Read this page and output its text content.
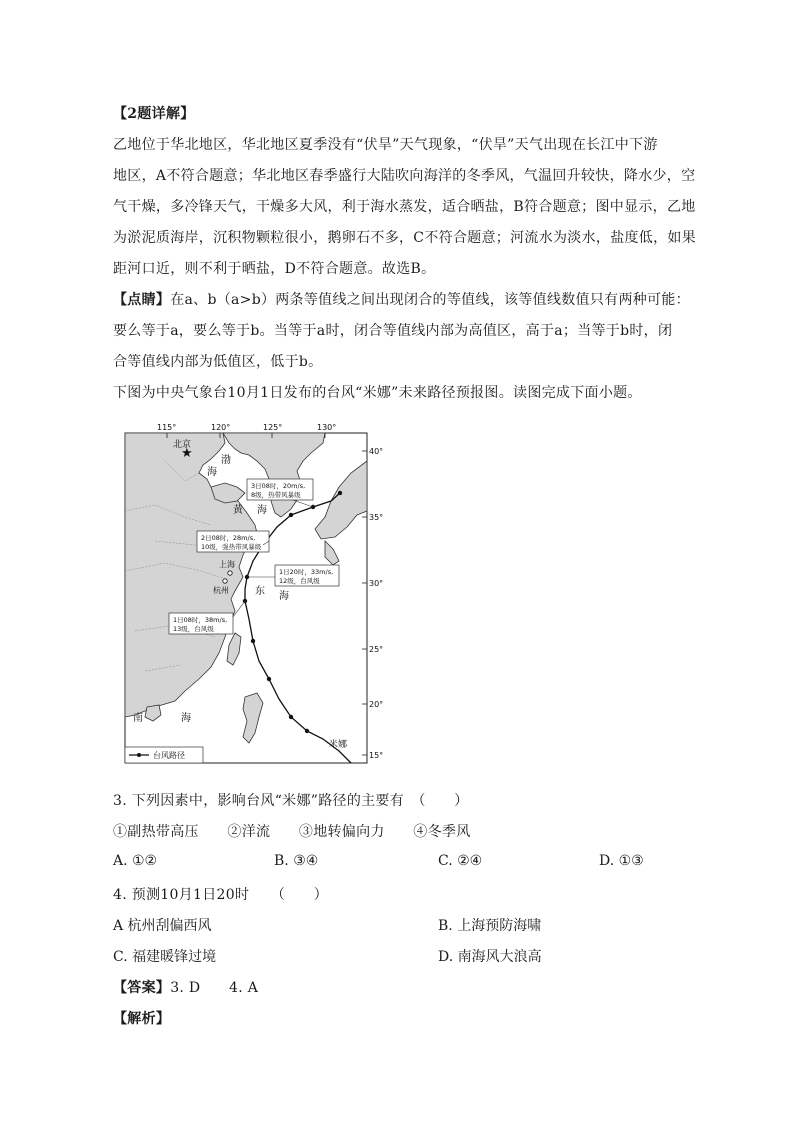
【2题详解】
乙地位于华北地区，华北地区夏季没有“伏旱”天气现象，“伏旱”天气出现在长江中下游
地区，A不符合题意；华北地区春季盛行大陆吹向海洋的冬季风，气温回升较快，降水少，空
气干燥，多冷锋天气，干燥多大风，利于海水蒸发，适合晒盐，B符合题意；图中显示，乙地
为淤泥质海岸，沉积物颗粒很小，鹅卵石不多，C不符合题意；河流水为淡水，盐度低，如果
距河口近，则不利于晒盐，D不符合题意。故选B。
【点睛】在a、b（a>b）两条等值线之间出现闭合的等值线，该等值线数值只有两种可能：
要么等于a，要么等于b。当等于a时，闭合等值线内部为高值区，高于a；当等于b时，闭
合等值线内部为低值区，低于b。
下图为中央气象台10月1日发布的台风“米娜”未来路径预报图。读图完成下面小题。
115°	120°	125°	130°
40°
35°
30°
25°
20°
15°
★
北京
渤
海
黄 海
东 海
南	海
上海
杭州
米娜
3日08时，20m/s,
8级，热带风暴级
2日08时，28m/s,
10级，强热带风暴级
1日20时，33m/s,
12级，台风级
1日08时，38m/s,
13级，台风级
台风路径
3. 下列因素中，影响台风“米娜”路径的主要有　（　　）
①副热带高压　　②洋流　　③地转偏向力　　④冬季风
A. ①②	B. ③④	C. ②④	D. ①③
4. 预测10月1日20时　　（　　）
A 杭州刮偏西风	B. 上海预防海啸
C. 福建暖锋过境	D. 南海风大浪高
【答案】3. D　　4. A
【解析】
